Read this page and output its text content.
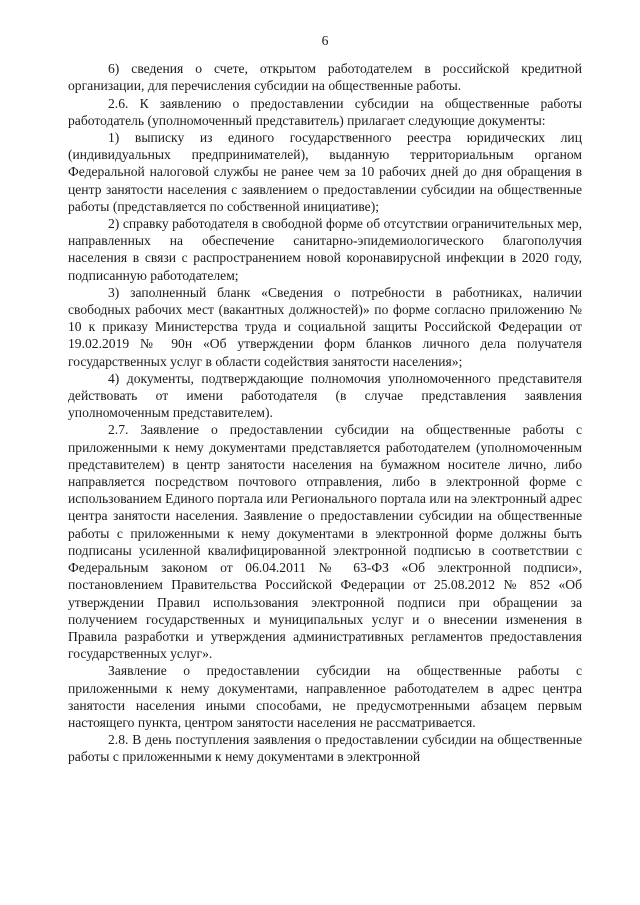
6

6) сведения о счете, открытом работодателем в российской кредитной организации, для перечисления субсидии на общественные работы.

2.6. К заявлению о предоставлении субсидии на общественные работы работодатель (уполномоченный представитель) прилагает следующие документы:

1) выписку из единого государственного реестра юридических лиц (индивидуальных предпринимателей), выданную территориальным органом Федеральной налоговой службы не ранее чем за 10 рабочих дней до дня обращения в центр занятости населения с заявлением о предоставлении субсидии на общественные работы (представляется по собственной инициативе);

2) справку работодателя в свободной форме об отсутствии ограничительных мер, направленных на обеспечение санитарно-эпидемиологического благополучия населения в связи с распространением новой коронавирусной инфекции в 2020 году, подписанную работодателем;

3) заполненный бланк «Сведения о потребности в работниках, наличии свободных рабочих мест (вакантных должностей)» по форме согласно приложению № 10 к приказу Министерства труда и социальной защиты Российской Федерации от 19.02.2019 № 90н «Об утверждении форм бланков личного дела получателя государственных услуг в области содействия занятости населения»;

4) документы, подтверждающие полномочия уполномоченного представителя действовать от имени работодателя (в случае представления заявления уполномоченным представителем).

2.7. Заявление о предоставлении субсидии на общественные работы с приложенными к нему документами представляется работодателем (уполномоченным представителем) в центр занятости населения на бумажном носителе лично, либо направляется посредством почтового отправления, либо в электронной форме с использованием Единого портала или Регионального портала или на электронный адрес центра занятости населения. Заявление о предоставлении субсидии на общественные работы с приложенными к нему документами в электронной форме должны быть подписаны усиленной квалифицированной электронной подписью в соответствии с Федеральным законом от 06.04.2011 № 63-ФЗ «Об электронной подписи», постановлением Правительства Российской Федерации от 25.08.2012 № 852 «Об утверждении Правил использования электронной подписи при обращении за получением государственных и муниципальных услуг и о внесении изменения в Правила разработки и утверждения административных регламентов предоставления государственных услуг».

Заявление о предоставлении субсидии на общественные работы с приложенными к нему документами, направленное работодателем в адрес центра занятости населения иными способами, не предусмотренными абзацем первым настоящего пункта, центром занятости населения не рассматривается.

2.8. В день поступления заявления о предоставлении субсидии на общественные работы с приложенными к нему документами в электронной
